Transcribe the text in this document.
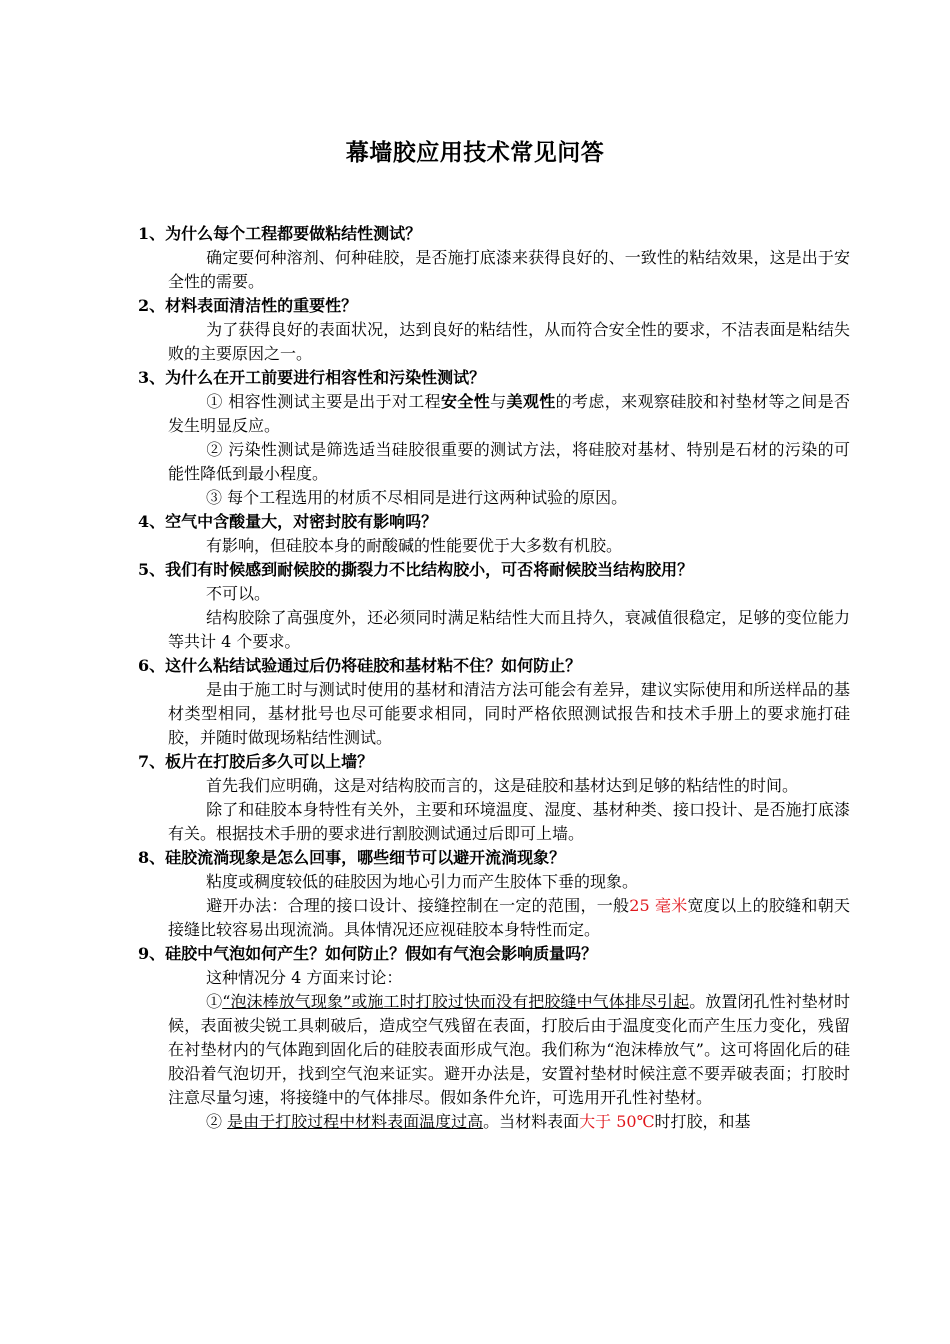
幕墙胶应用技术常见问答

1、为什么每个工程都要做粘结性测试？

确定要何种溶剂、何种硅胶，是否施打底漆来获得良好的、一致性的粘结效果，这是出于安全性的需要。

2、材料表面清洁性的重要性？

为了获得良好的表面状况，达到良好的粘结性，从而符合安全性的要求，不洁表面是粘结失败的主要原因之一。

3、为什么在开工前要进行相容性和污染性测试？

① 相容性测试主要是出于对工程安全性与美观性的考虑，来观察硅胶和衬垫材等之间是否发生明显反应。

② 污染性测试是筛选适当硅胶很重要的测试方法，将硅胶对基材、特别是石材的污染的可能性降低到最小程度。

③ 每个工程选用的材质不尽相同是进行这两种试验的原因。

4、空气中含酸量大，对密封胶有影响吗？

有影响，但硅胶本身的耐酸碱的性能要优于大多数有机胶。

5、我们有时候感到耐候胶的撕裂力不比结构胶小，可否将耐候胶当结构胶用？

不可以。

结构胶除了高强度外，还必须同时满足粘结性大而且持久，衰减值很稳定，足够的变位能力等共计 4 个要求。

6、这什么粘结试验通过后仍将硅胶和基材粘不住？如何防止？

是由于施工时与测试时使用的基材和清洁方法可能会有差异，建议实际使用和所送样品的基材类型相同，基材批号也尽可能要求相同，同时严格依照测试报告和技术手册上的要求施打硅胶，并随时做现场粘结性测试。

7、板片在打胶后多久可以上墙？

首先我们应明确，这是对结构胶而言的，这是硅胶和基材达到足够的粘结性的时间。

除了和硅胶本身特性有关外，主要和环境温度、湿度、基材种类、接口投计、是否施打底漆有关。根据技术手册的要求进行割胶测试通过后即可上墙。

8、硅胶流淌现象是怎么回事，哪些细节可以避开流淌现象？

粘度或稠度较低的硅胶因为地心引力而产生胶体下垂的现象。

避开办法：合理的接口设计、接缝控制在一定的范围，一般25 毫米宽度以上的胶缝和朝天接缝比较容易出现流淌。具体情况还应视硅胶本身特性而定。

9、硅胶中气泡如何产生？如何防止？假如有气泡会影响质量吗？

这种情况分 4 方面来讨论：

①“泡沫棒放气现象”或施工时打胶过快而没有把胶缝中气体排尽引起。放置闭孔性衬垫材时候，表面被尖锐工具刺破后，造成空气残留在表面，打胶后由于温度变化而产生压力变化，残留在衬垫材内的气体跑到固化后的硅胶表面形成气泡。我们称为“泡沫棒放气”。这可将固化后的硅胶沿着气泡切开，找到空气泡来证实。避开办法是，安置衬垫材时候注意不要弄破表面；打胶时注意尽量匀速，将接缝中的气体排尽。假如条件允许，可选用开孔性衬垫材。

② 是由于打胶过程中材料表面温度过高。当材料表面大于 50℃时打胶，和基
